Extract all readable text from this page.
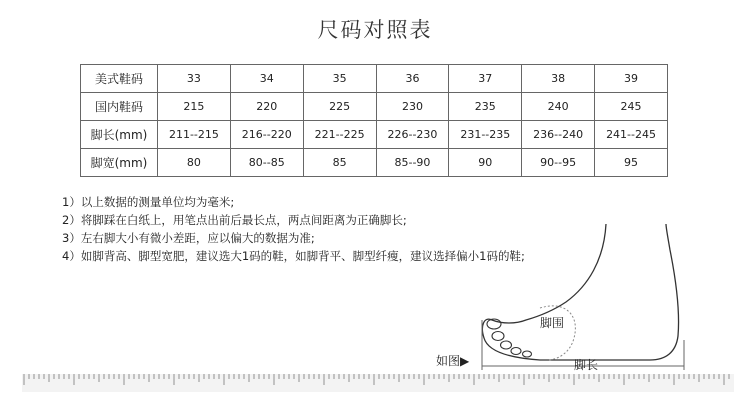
尺码对照表
美式鞋码	33	34	35	36	37	38	39
国内鞋码	215	220	225	230	235	240	245
脚长(mm)	211--215	216--220	221--225	226--230	231--235	236--240	241--245
脚宽(mm)	80	80--85	85	85--90	90	90--95	95
1）以上数据的测量单位均为毫米;
2）将脚踩在白纸上，用笔点出前后最长点，两点间距离为正确脚长;
3）左右脚大小有微小差距，应以偏大的数据为准;
4）如脚背高、脚型宽肥，建议选大1码的鞋，如脚背平、脚型纤瘦，建议选择偏小1码的鞋;
脚围
如图▶	脚长
